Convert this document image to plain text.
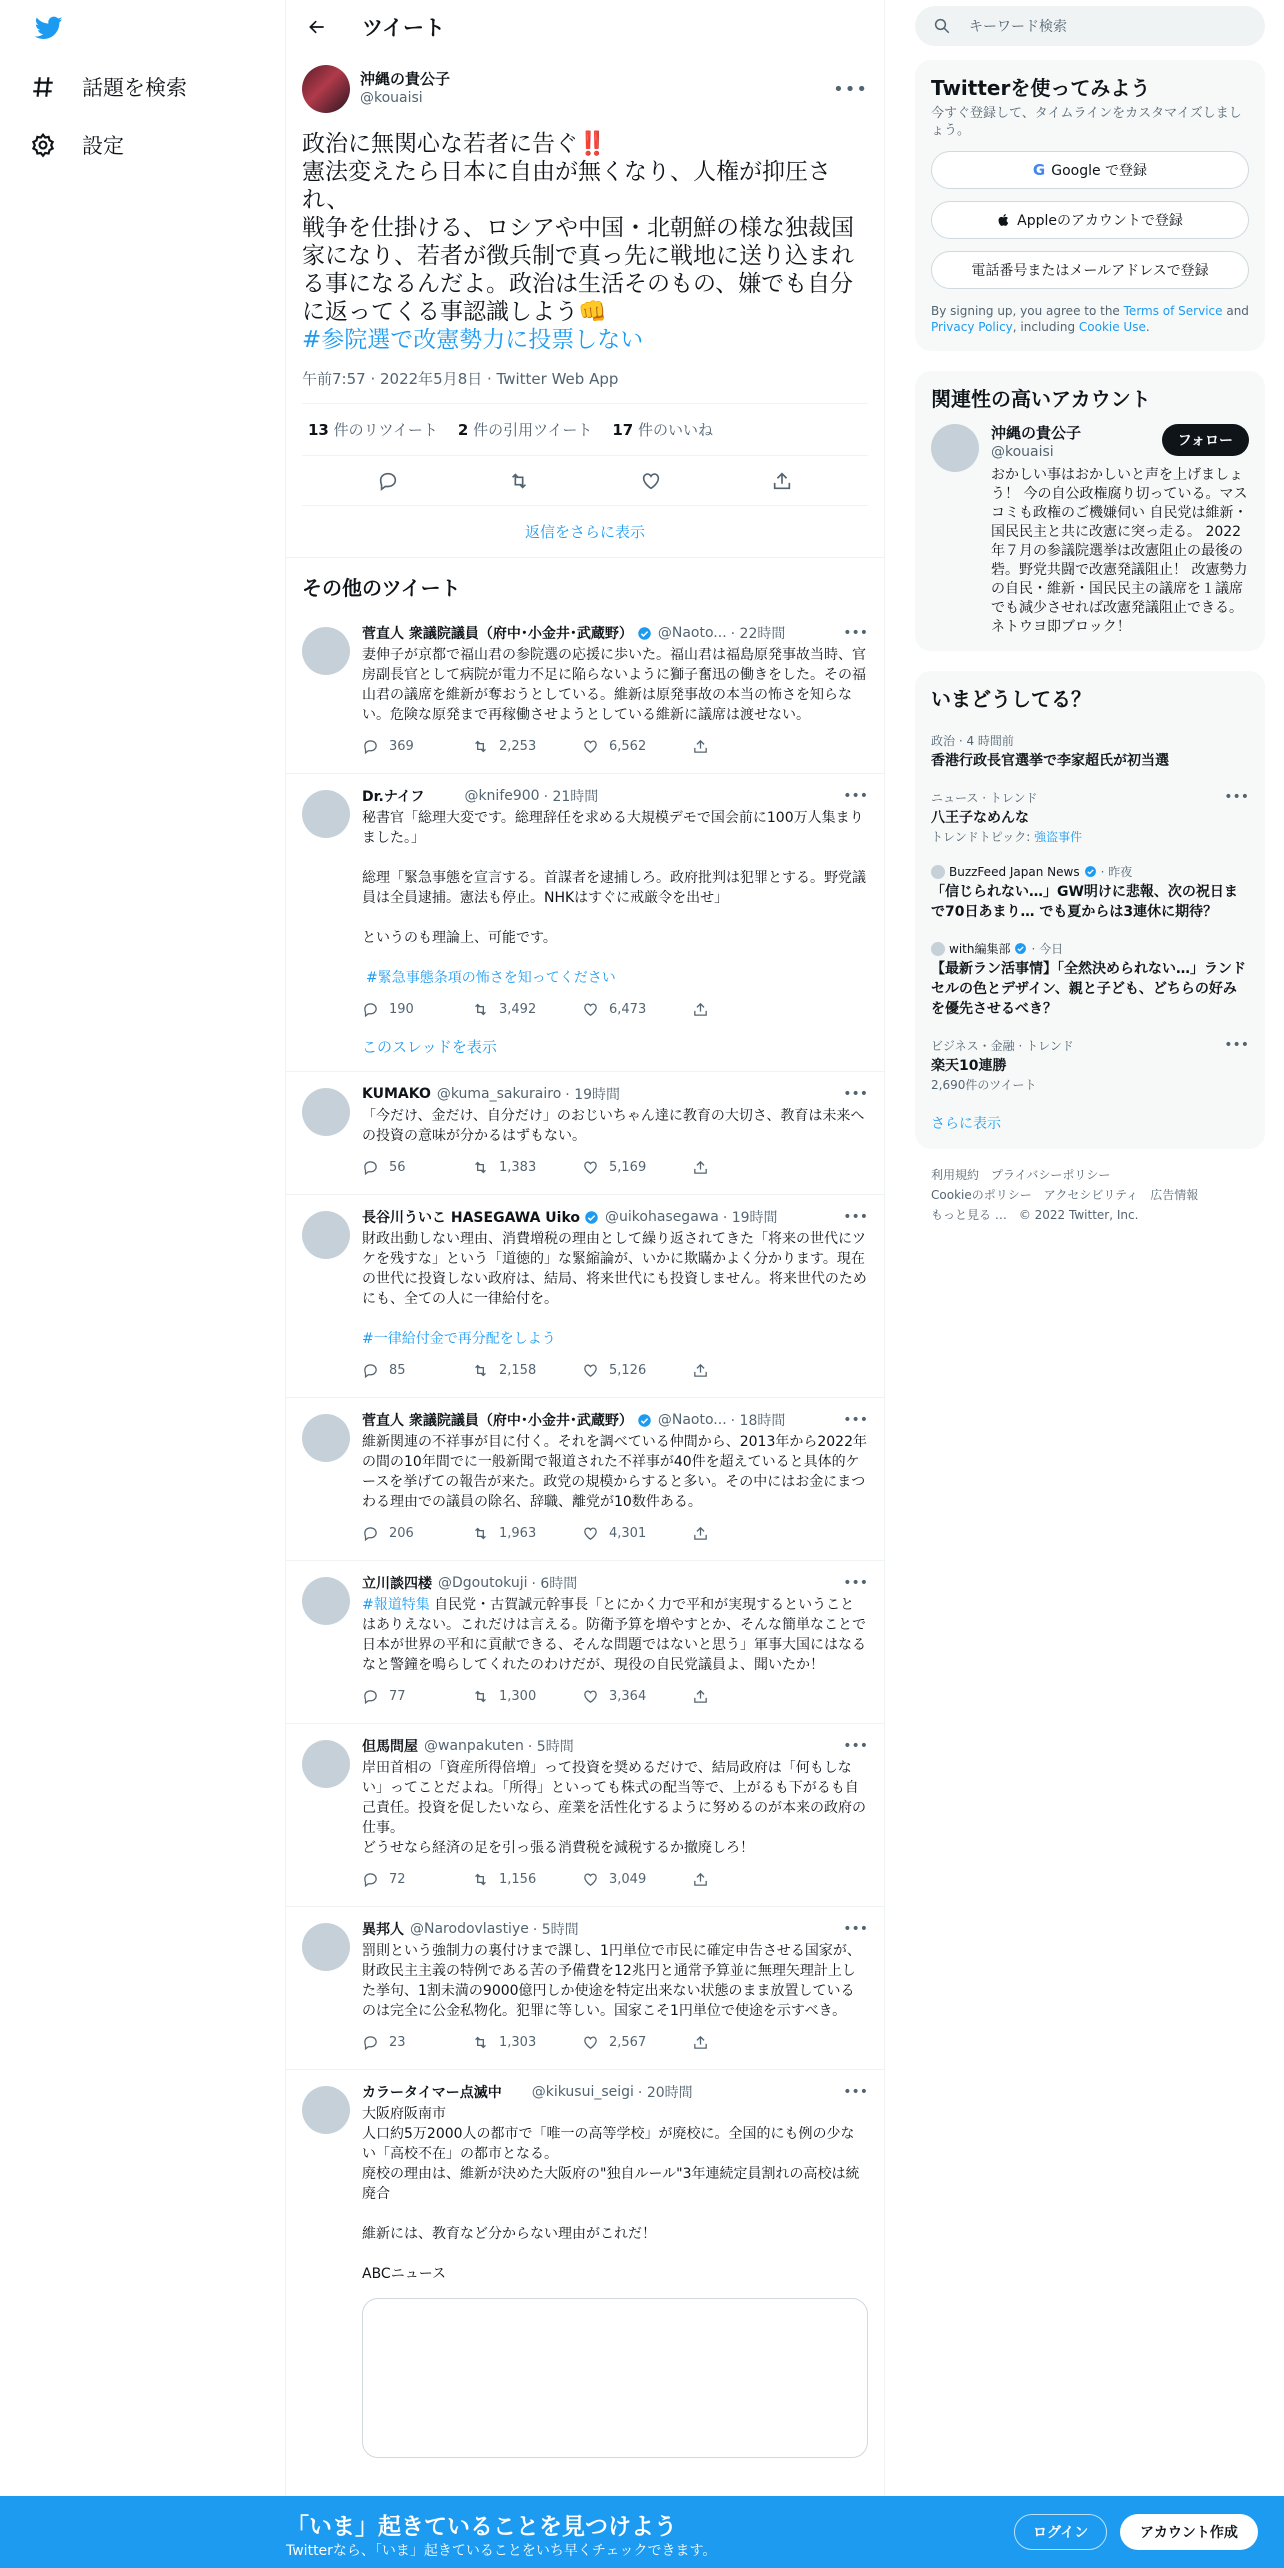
話題を検索
設定
ツイート
沖縄の貴公子
@kouaisi	•••
政治に無関心な若者に告ぐ‼️
憲法変えたら日本に自由が無くなり、人権が抑圧され、
戦争を仕掛ける、ロシアや中国・北朝鮮の様な独裁国家になり、若者が徴兵制で真っ先に戦地に送り込まれる事になるんだよ。政治は生活そのもの、嫌でも自分に返ってくる事認識しよう👊
#参院選で改憲勢力に投票しない
午前7:57 · 2022年5月8日 · Twitter Web App
13 件のリツイート 2 件の引用ツイート 17 件のいいね
返信をさらに表示
その他のツイート
菅直人 衆議院議員（府中･小金井･武蔵野） @Naoto... · 22時間	•••
妻伸子が京都で福山君の参院選の応援に歩いた。福山君は福島原発事故当時、官房副長官として病院が電力不足に陥らないように獅子奮迅の働きをした。その福山君の議席を維新が奪おうとしている。維新は原発事故の本当の怖さを知らない。危険な原発まで再稼働させようとしている維新に議席は渡せない。
369	2,253	6,562
Dr.ナイフ	@knife900 · 21時間	•••
秘書官「総理大変です。総理辞任を求める大規模デモで国会前に100万人集まりました。」

総理「緊急事態を宣言する。首謀者を逮捕しろ。政府批判は犯罪とする。野党議員は全員逮捕。憲法も停止。NHKはすぐに戒厳令を出せ」

というのも理論上、可能です。

#緊急事態条項の怖さを知ってください
190	3,492	6,473
このスレッドを表示
KUMAKO @kuma_sakurairo · 19時間	•••
「今だけ、金だけ、自分だけ」のおじいちゃん達に教育の大切さ、教育は未来への投資の意味が分かるはずもない。
56	1,383	5,169
長谷川ういこ HASEGAWA Uiko @uikohasegawa · 19時間	•••
財政出動しない理由、消費増税の理由として繰り返されてきた「将来の世代にツケを残すな」という「道徳的」な緊縮論が、いかに欺瞞かよく分かります。現在の世代に投資しない政府は、結局、将来世代にも投資しません。将来世代のためにも、全ての人に一律給付を。

#一律給付金で再分配をしよう
85	2,158	5,126
菅直人 衆議院議員（府中･小金井･武蔵野） @Naoto... · 18時間	•••
維新関連の不祥事が目に付く。それを調べている仲間から、2013年から2022年の間の10年間でに一般新聞で報道された不祥事が40件を超えていると具体的ケースを挙げての報告が来た。政党の規模からすると多い。その中にはお金にまつわる理由での議員の除名、辞職、離党が10数件ある。
206	1,963	4,301
立川談四楼 @Dgoutokuji · 6時間	•••
#報道特集 自民党・古賀誠元幹事長「とにかく力で平和が実現するということはありえない。これだけは言える。防衛予算を増やすとか、そんな簡単なことで日本が世界の平和に貢献できる、そんな問題ではないと思う」軍事大国にはなるなと警鐘を鳴らしてくれたのわけだが、現役の自民党議員よ、聞いたか！
77	1,300	3,364
但馬問屋 @wanpakuten · 5時間	•••
岸田首相の「資産所得倍増」って投資を奨めるだけで、結局政府は「何もしない」ってことだよね。「所得」といっても株式の配当等で、上がるも下がるも自己責任。投資を促したいなら、産業を活性化するように努めるのが本来の政府の仕事。
どうせなら経済の足を引っ張る消費税を減税するか撤廃しろ！
72	1,156	3,049
異邦人 @Narodovlastiye · 5時間	•••
罰則という強制力の裏付けまで課し、1円単位で市民に確定申告させる国家が、財政民主主義の特例である苦の予備費を12兆円と通常予算並に無理矢理計上した挙句、1割未満の9000億円しか使途を特定出来ない状態のまま放置しているのは完全に公金私物化。犯罪に等しい。国家こそ1円単位で使途を示すべき。
23	1,303	2,567
カラータイマー点滅中 @kikusui_seigi · 20時間	•••
大阪府阪南市
人口約5万2000人の都市で「唯一の高等学校」が廃校に。全国的にも例の少ない「高校不在」の都市となる。
廃校の理由は、維新が決めた大阪府の"独自ルール"3年連続定員割れの高校は統廃合

維新には、教育など分からない理由がこれだ！

ABCニュース
キーワード検索
Twitterを使ってみよう
今すぐ登録して、タイムラインをカスタマイズしましょう。
G Google で登録
Appleのアカウントで登録
電話番号またはメールアドレスで登録
By signing up, you agree to the Terms of Service and Privacy Policy, including Cookie Use.
関連性の高いアカウント
沖縄の貴公子
@kouaisi
フォロー
おかしい事はおかしいと声を上げましょう！ 今の自公政権腐り切っている。マスコミも政権のご機嫌伺い 自民党は維新・国民民主と共に改憲に突っ走る。 2022年７月の参議院選挙は改憲阻止の最後の砦。野党共闘で改憲発議阻止！ 改憲勢力の自民・維新・国民民主の議席を１議席でも減少させれば改憲発議阻止できる。ネトウヨ即ブロック！
いまどうしてる？
政治 · 4 時間前
香港行政長官選挙で李家超氏が初当選
ニュース · トレンド
八王子なめんな
トレンドトピック: 強盗事件
•••
BuzzFeed Japan News · 昨夜
「信じられない…」GW明けに悲報、次の祝日まで70日あまり… でも夏からは3連休に期待？
with編集部 · 今日
【最新ラン活事情】「全然決められない…」ランドセルの色とデザイン、親と子ども、どちらの好みを優先させるべき？
ビジネス・金融 · トレンド
楽天10連勝
2,690件のツイート
•••
さらに表示
利用規約 プライバシーポリシー
Cookieのポリシー アクセシビリティ 広告情報
もっと見る … © 2022 Twitter, Inc.
「いま」起きていることを見つけよう
Twitterなら、「いま」起きていることをいち早くチェックできます。
ログイン	アカウント作成
